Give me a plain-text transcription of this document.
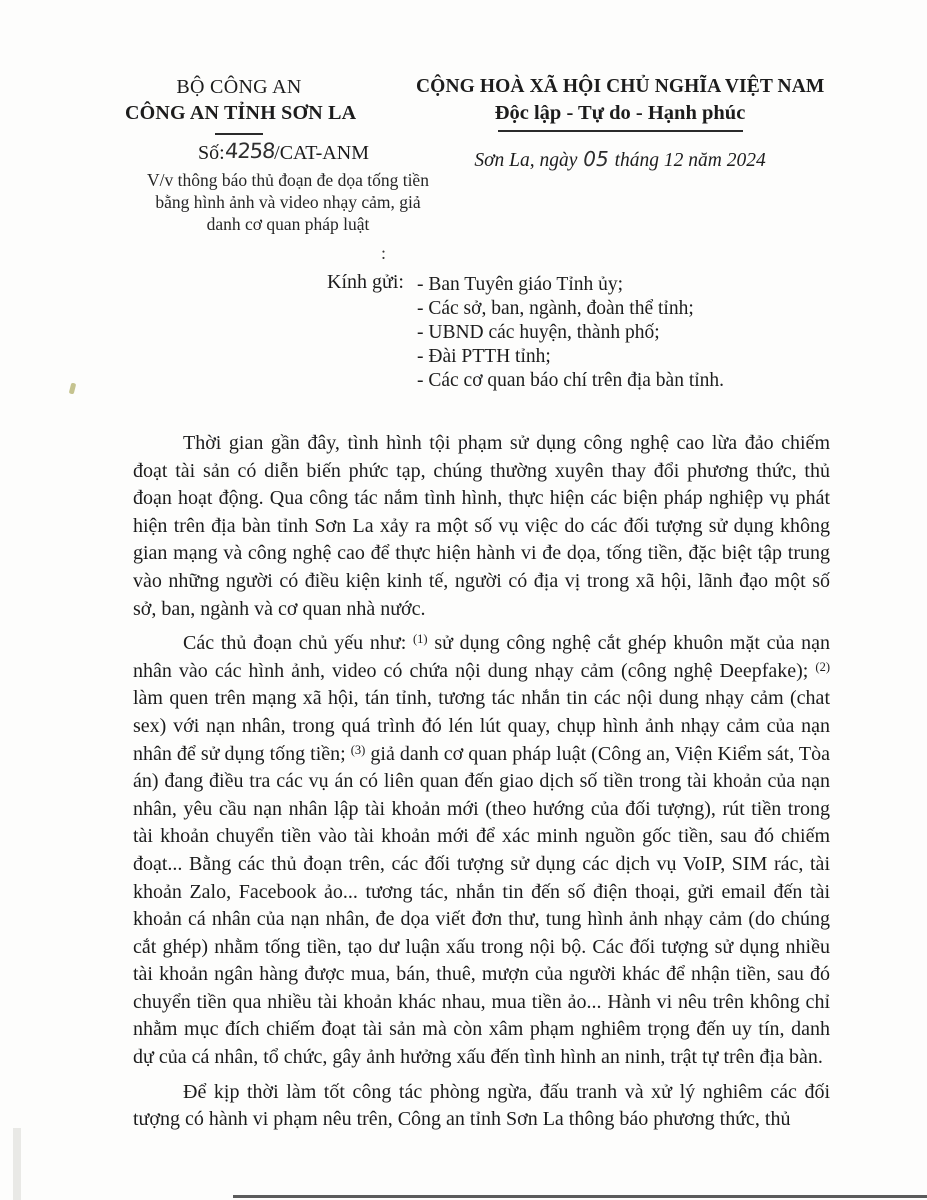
BỘ CÔNG AN
CÔNG AN TỈNH SƠN LA
Số:4258/CAT-ANM
V/v thông báo thủ đoạn đe dọa tống tiền
bằng hình ảnh và video nhạy cảm, giả
danh cơ quan pháp luật
CỘNG HOÀ XÃ HỘI CHỦ NGHĨA VIỆT NAM
Độc lập - Tự do - Hạnh phúc
Sơn La, ngày 05 tháng 12 năm 2024
:
Kính gửi: - Ban Tuyên giáo Tỉnh ủy;
- Các sở, ban, ngành, đoàn thể tỉnh;
- UBND các huyện, thành phố;
- Đài PTTH tỉnh;
- Các cơ quan báo chí trên địa bàn tỉnh.

Thời gian gần đây, tình hình tội phạm sử dụng công nghệ cao lừa đảo chiếm đoạt tài sản có diễn biến phức tạp, chúng thường xuyên thay đổi phương thức, thủ đoạn hoạt động. Qua công tác nắm tình hình, thực hiện các biện pháp nghiệp vụ phát hiện trên địa bàn tỉnh Sơn La xảy ra một số vụ việc do các đối tượng sử dụng không gian mạng và công nghệ cao để thực hiện hành vi đe dọa, tống tiền, đặc biệt tập trung vào những người có điều kiện kinh tế, người có địa vị trong xã hội, lãnh đạo một số sở, ban, ngành và cơ quan nhà nước.

Các thủ đoạn chủ yếu như: $^{(1)}$ sử dụng công nghệ cắt ghép khuôn mặt của nạn nhân vào các hình ảnh, video có chứa nội dung nhạy cảm (công nghệ Deepfake); $^{(2)}$ làm quen trên mạng xã hội, tán tỉnh, tương tác nhắn tin các nội dung nhạy cảm (chat sex) với nạn nhân, trong quá trình đó lén lút quay, chụp hình ảnh nhạy cảm của nạn nhân để sử dụng tống tiền; $^{(3)}$ giả danh cơ quan pháp luật (Công an, Viện Kiểm sát, Tòa án) đang điều tra các vụ án có liên quan đến giao dịch số tiền trong tài khoản của nạn nhân, yêu cầu nạn nhân lập tài khoản mới (theo hướng của đối tượng), rút tiền trong tài khoản chuyển tiền vào tài khoản mới để xác minh nguồn gốc tiền, sau đó chiếm đoạt... Bằng các thủ đoạn trên, các đối tượng sử dụng các dịch vụ VoIP, SIM rác, tài khoản Zalo, Facebook ảo... tương tác, nhắn tin đến số điện thoại, gửi email đến tài khoản cá nhân của nạn nhân, đe dọa viết đơn thư, tung hình ảnh nhạy cảm (do chúng cắt ghép) nhằm tống tiền, tạo dư luận xấu trong nội bộ. Các đối tượng sử dụng nhiều tài khoản ngân hàng được mua, bán, thuê, mượn của người khác để nhận tiền, sau đó chuyển tiền qua nhiều tài khoản khác nhau, mua tiền ảo... Hành vi nêu trên không chỉ nhằm mục đích chiếm đoạt tài sản mà còn xâm phạm nghiêm trọng đến uy tín, danh dự của cá nhân, tổ chức, gây ảnh hưởng xấu đến tình hình an ninh, trật tự trên địa bàn.

Để kịp thời làm tốt công tác phòng ngừa, đấu tranh và xử lý nghiêm các đối tượng có hành vi phạm nêu trên, Công an tỉnh Sơn La thông báo phương thức, thủ
